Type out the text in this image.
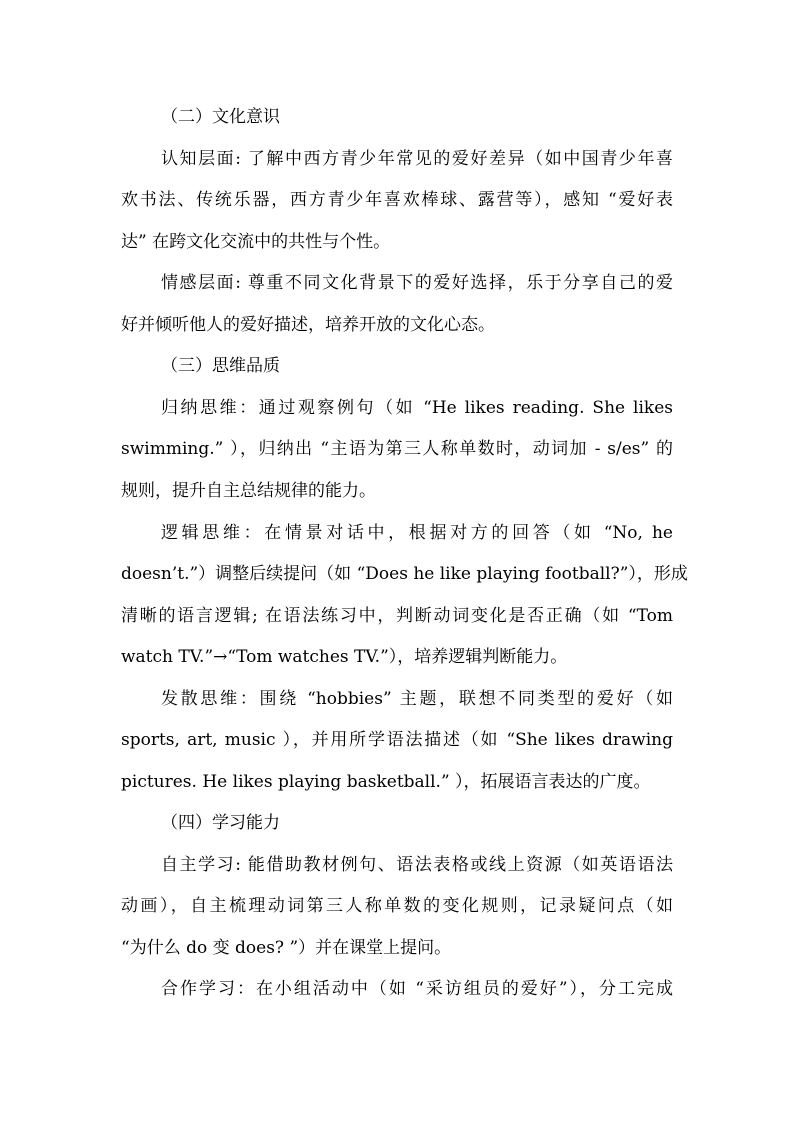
（二）文化意识
认知层面: 了解中西方青少年常见的爱好差异（如中国青少年喜
欢书法、传统乐器，西方青少年喜欢棒球、露营等），感知 “爱好表
达” 在跨文化交流中的共性与个性。
情感层面: 尊重不同文化背景下的爱好选择，乐于分享自己的爱
好并倾听他人的爱好描述，培养开放的文化心态。
（三）思维品质
归纳思维：通过观察例句（如 “He likes reading. She likes
swimming.” ），归纳出 “主语为第三人称单数时，动词加 - s/es” 的
规则，提升自主总结规律的能力。
逻辑思维：在情景对话中，根据对方的回答（如 “No, he
doesn’t.”）调整后续提问（如 “Does he like playing football?”），形成
清晰的语言逻辑; 在语法练习中，判断动词变化是否正确（如 “Tom
watch TV.”→“Tom watches TV.”），培养逻辑判断能力。
发散思维：围绕 “hobbies” 主题，联想不同类型的爱好（如
sports, art, music ），并用所学语法描述（如 “She likes drawing
pictures. He likes playing basketball.” ），拓展语言表达的广度。
（四）学习能力
自主学习: 能借助教材例句、语法表格或线上资源（如英语语法
动画），自主梳理动词第三人称单数的变化规则，记录疑问点（如
“为什么 do 变 does? ”）并在课堂上提问。
合作学习：在小组活动中（如 “采访组员的爱好”），分工完成
